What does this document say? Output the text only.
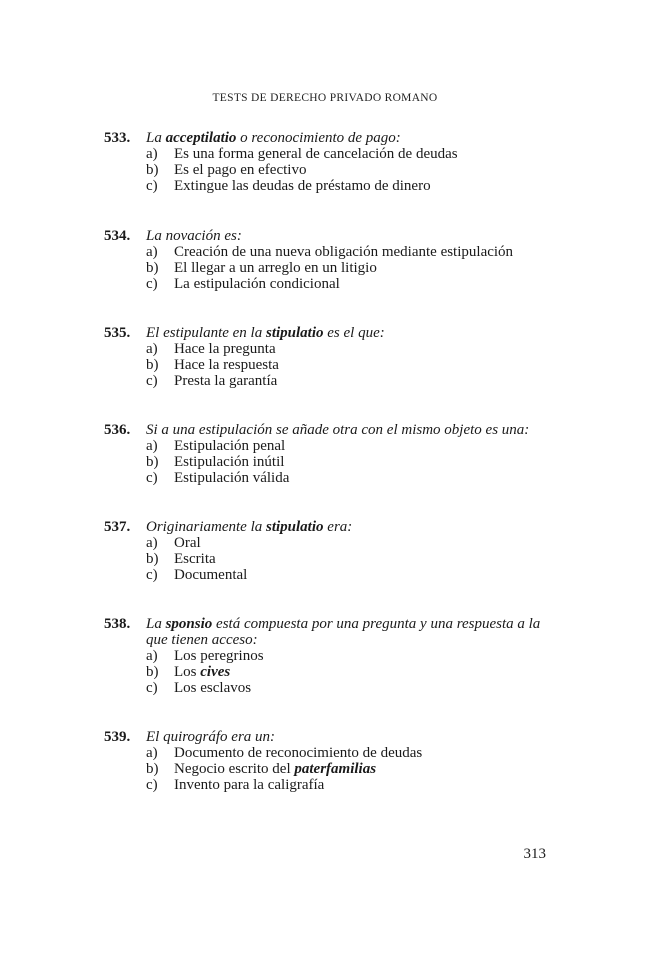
TESTS DE DERECHO PRIVADO ROMANO
533.	La acceptilatio o reconocimiento de pago:
a)	Es una forma general de cancelación de deudas
b)	Es el pago en efectivo
c)	Extingue las deudas de préstamo de dinero
534.	La novación es:
a)	Creación de una nueva obligación mediante estipulación
b)	El llegar a un arreglo en un litigio
c)	La estipulación condicional
535.	El estipulante en la stipulatio es el que:
a)	Hace la pregunta
b)	Hace la respuesta
c)	Presta la garantía
536.	Si a una estipulación se añade otra con el mismo objeto es una:
a)	Estipulación penal
b)	Estipulación inútil
c)	Estipulación válida
537.	Originariamente la stipulatio era:
a)	Oral
b)	Escrita
c)	Documental
538.	La sponsio está compuesta por una pregunta y una respuesta a la que tienen acceso:
a)	Los peregrinos
b)	Los cives
c)	Los esclavos
539.	El quirográfo era un:
a)	Documento de reconocimiento de deudas
b)	Negocio escrito del paterfamilias
c)	Invento para la caligrafía
313
